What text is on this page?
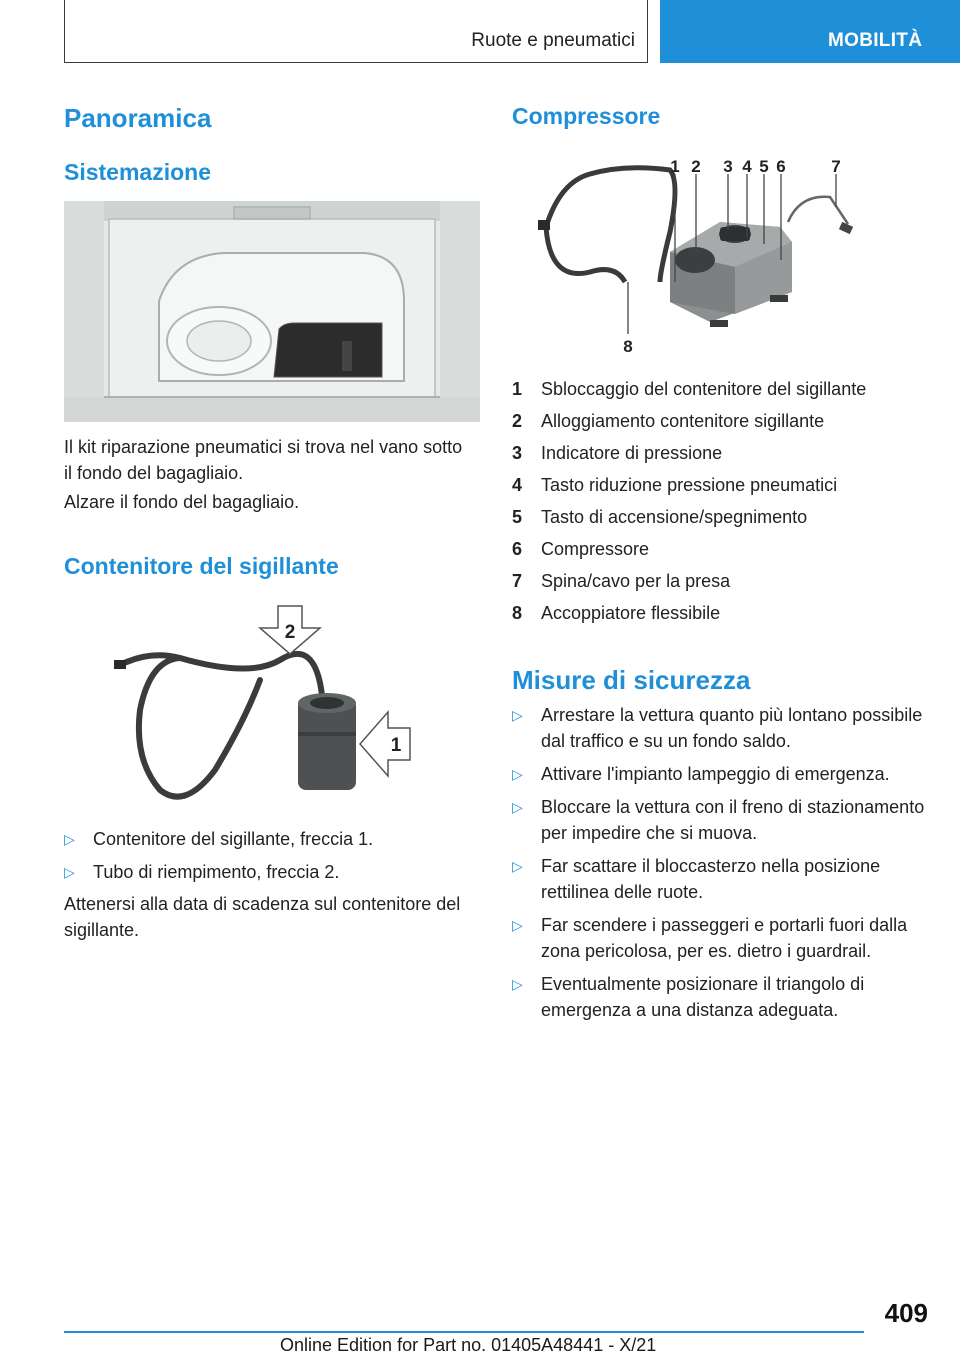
Ruote e pneumatici	MOBILITÀ
Panoramica
Sistemazione

Il kit riparazione pneumatici si trova nel vano sotto il fondo del bagagliaio.

Alzare il fondo del bagagliaio.

Contenitore del sigillante
2
1
▷ Contenitore del sigillante, freccia 1.
▷ Tubo di riempimento, freccia 2.

Attenersi alla data di scadenza sul contenitore del sigillante.

Compressore
1 2 3 4 5 6	7
8
1	Sbloccaggio del contenitore del sigillante
2	Alloggiamento contenitore sigillante
3	Indicatore di pressione
4	Tasto riduzione pressione pneumatici
5	Tasto di accensione/spegnimento
6	Compressore
7	Spina/cavo per la presa
8	Accoppiatore flessibile
Misure di sicurezza
▷ Arrestare la vettura quanto più lontano possibile dal traffico e su un fondo saldo.
▷ Attivare l'impianto lampeggio di emergenza.
▷ Bloccare la vettura con il freno di stazionamento per impedire che si muova.
▷ Far scattare il bloccasterzo nella posizione rettilinea delle ruote.
▷ Far scendere i passeggeri e portarli fuori dalla zona pericolosa, per es. dietro i guardrail.
▷ Eventualmente posizionare il triangolo di emergenza a una distanza adeguata.
409
Online Edition for Part no. 01405A48441 - X/21
